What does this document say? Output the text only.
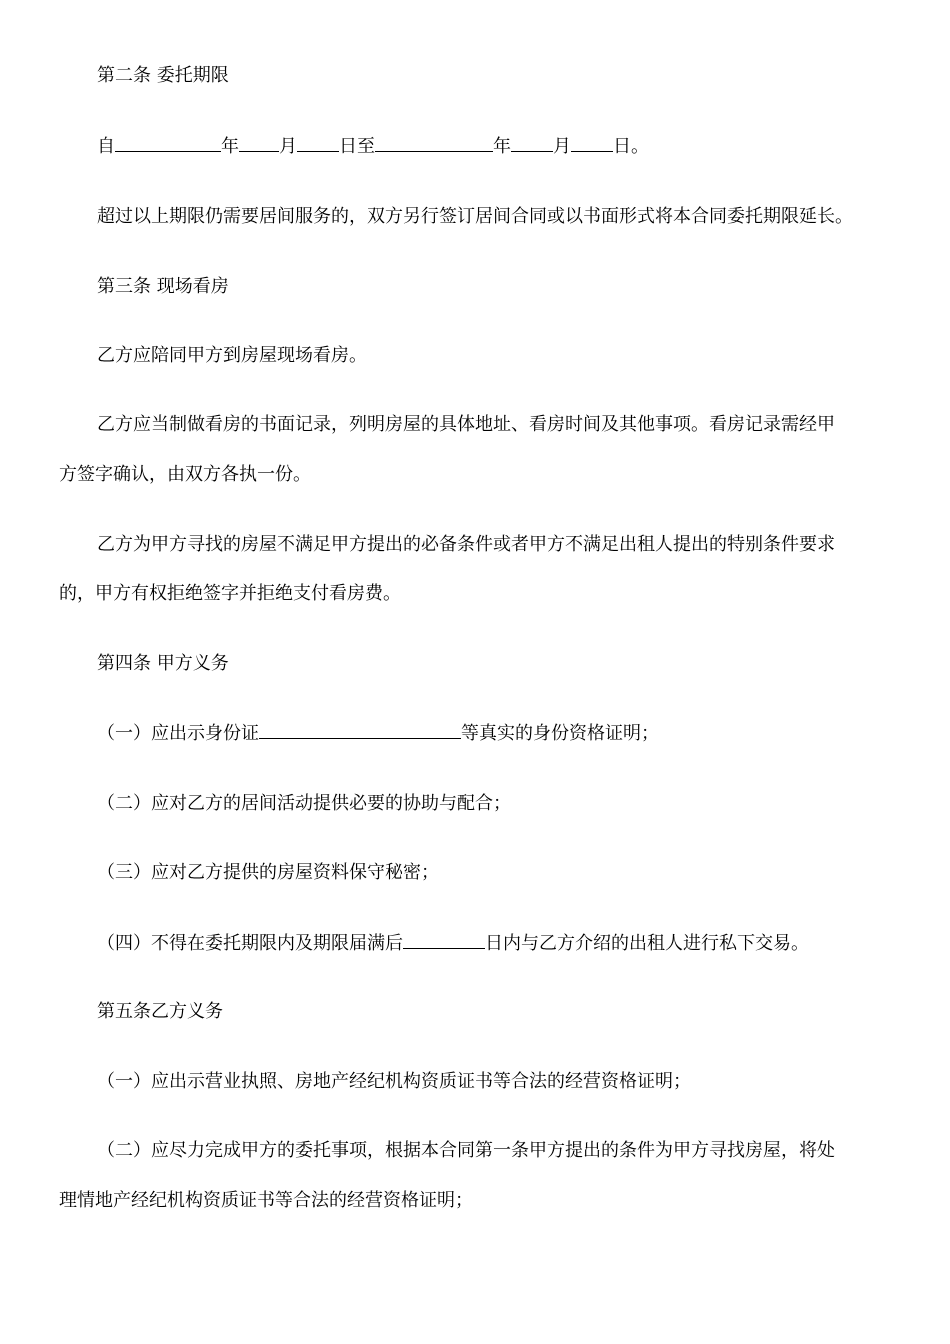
第二条 委托期限
自	年 月 日至	年 月 日。
超过以上期限仍需要居间服务的，双方另行签订居间合同或以书面形式将本合同委托期限延长。
第三条 现场看房
乙方应陪同甲方到房屋现场看房。
乙方应当制做看房的书面记录，列明房屋的具体地址、看房时间及其他事项。看房记录需经甲
方签字确认，由双方各执一份。
乙方为甲方寻找的房屋不满足甲方提出的必备条件或者甲方不满足出租人提出的特别条件要求
的，甲方有权拒绝签字并拒绝支付看房费。
第四条 甲方义务
（一）应出示身份证	等真实的身份资格证明；
（二）应对乙方的居间活动提供必要的协助与配合；
（三）应对乙方提供的房屋资料保守秘密；
（四）不得在委托期限内及期限届满后	日内与乙方介绍的出租人进行私下交易。
第五条乙方义务
（一）应出示营业执照、房地产经纪机构资质证书等合法的经营资格证明；
（二）应尽力完成甲方的委托事项，根据本合同第一条甲方提出的条件为甲方寻找房屋，将处
理情地产经纪机构资质证书等合法的经营资格证明；
